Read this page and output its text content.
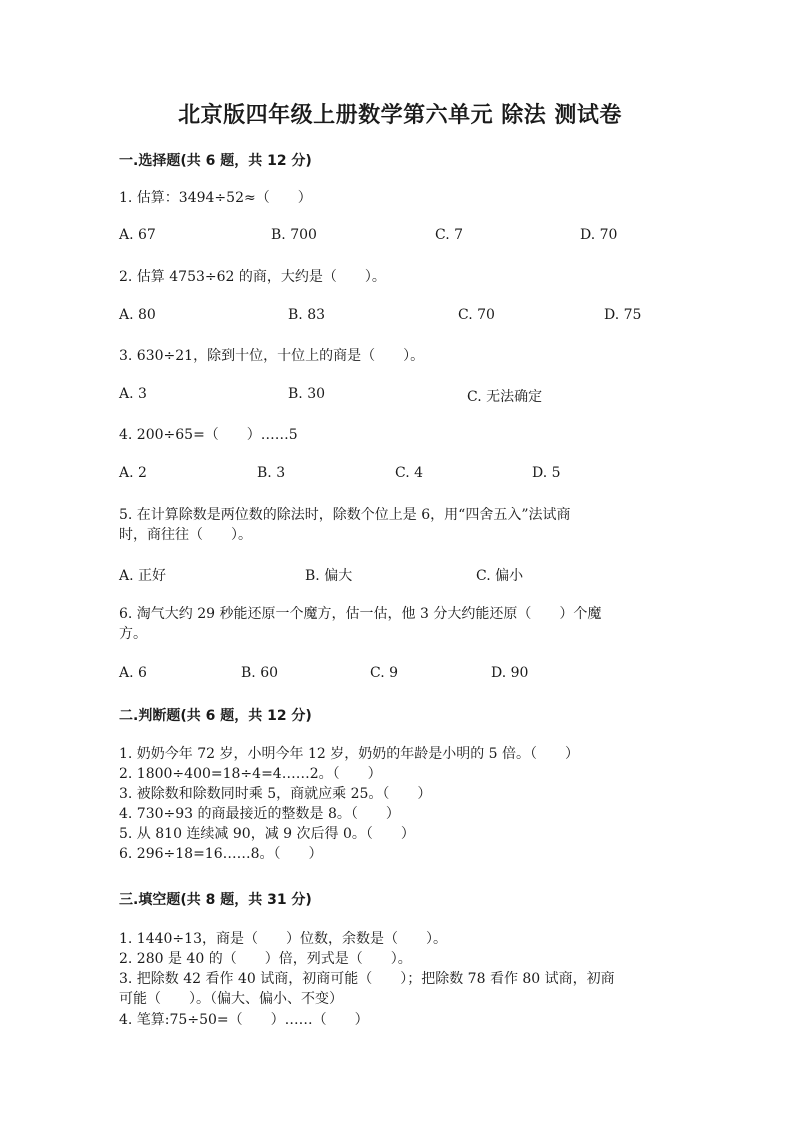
北京版四年级上册数学第六单元 除法 测试卷
一.选择题(共 6 题，共 12 分)
1. 估算：3494÷52≈（　　）
A. 67	B. 700	C. 7	D. 70
2. 估算 4753÷62 的商，大约是（　　）。
A. 80	B. 83	C. 70	D. 75
3. 630÷21，除到十位，十位上的商是（　　）。
A. 3	B. 30	C. 无法确定
4. 200÷65=（　　）……5
A. 2	B. 3	C. 4	D. 5
5. 在计算除数是两位数的除法时，除数个位上是 6，用“四舍五入”法试商
时，商往往（　　）。
A. 正好	B. 偏大	C. 偏小
6. 淘气大约 29 秒能还原一个魔方，估一估，他 3 分大约能还原（　　）个魔
方。
A. 6	B. 60	C. 9	D. 90
二.判断题(共 6 题，共 12 分)
1. 奶奶今年 72 岁，小明今年 12 岁，奶奶的年龄是小明的 5 倍。（　　）
2. 1800÷400=18÷4=4……2。（　　）
3. 被除数和除数同时乘 5，商就应乘 25。（　　）
4. 730÷93 的商最接近的整数是 8。（　　）
5. 从 810 连续减 90，减 9 次后得 0。（　　）
6. 296÷18=16……8。（　　）
三.填空题(共 8 题，共 31 分)
1. 1440÷13，商是（　　）位数，余数是（　　）。
2. 280 是 40 的（　　）倍，列式是（　　）。
3. 把除数 42 看作 40 试商，初商可能（　　）；把除数 78 看作 80 试商，初商
可能（　　）。（偏大、偏小、不变）
4. 笔算:75÷50=（　　）……（　　）
